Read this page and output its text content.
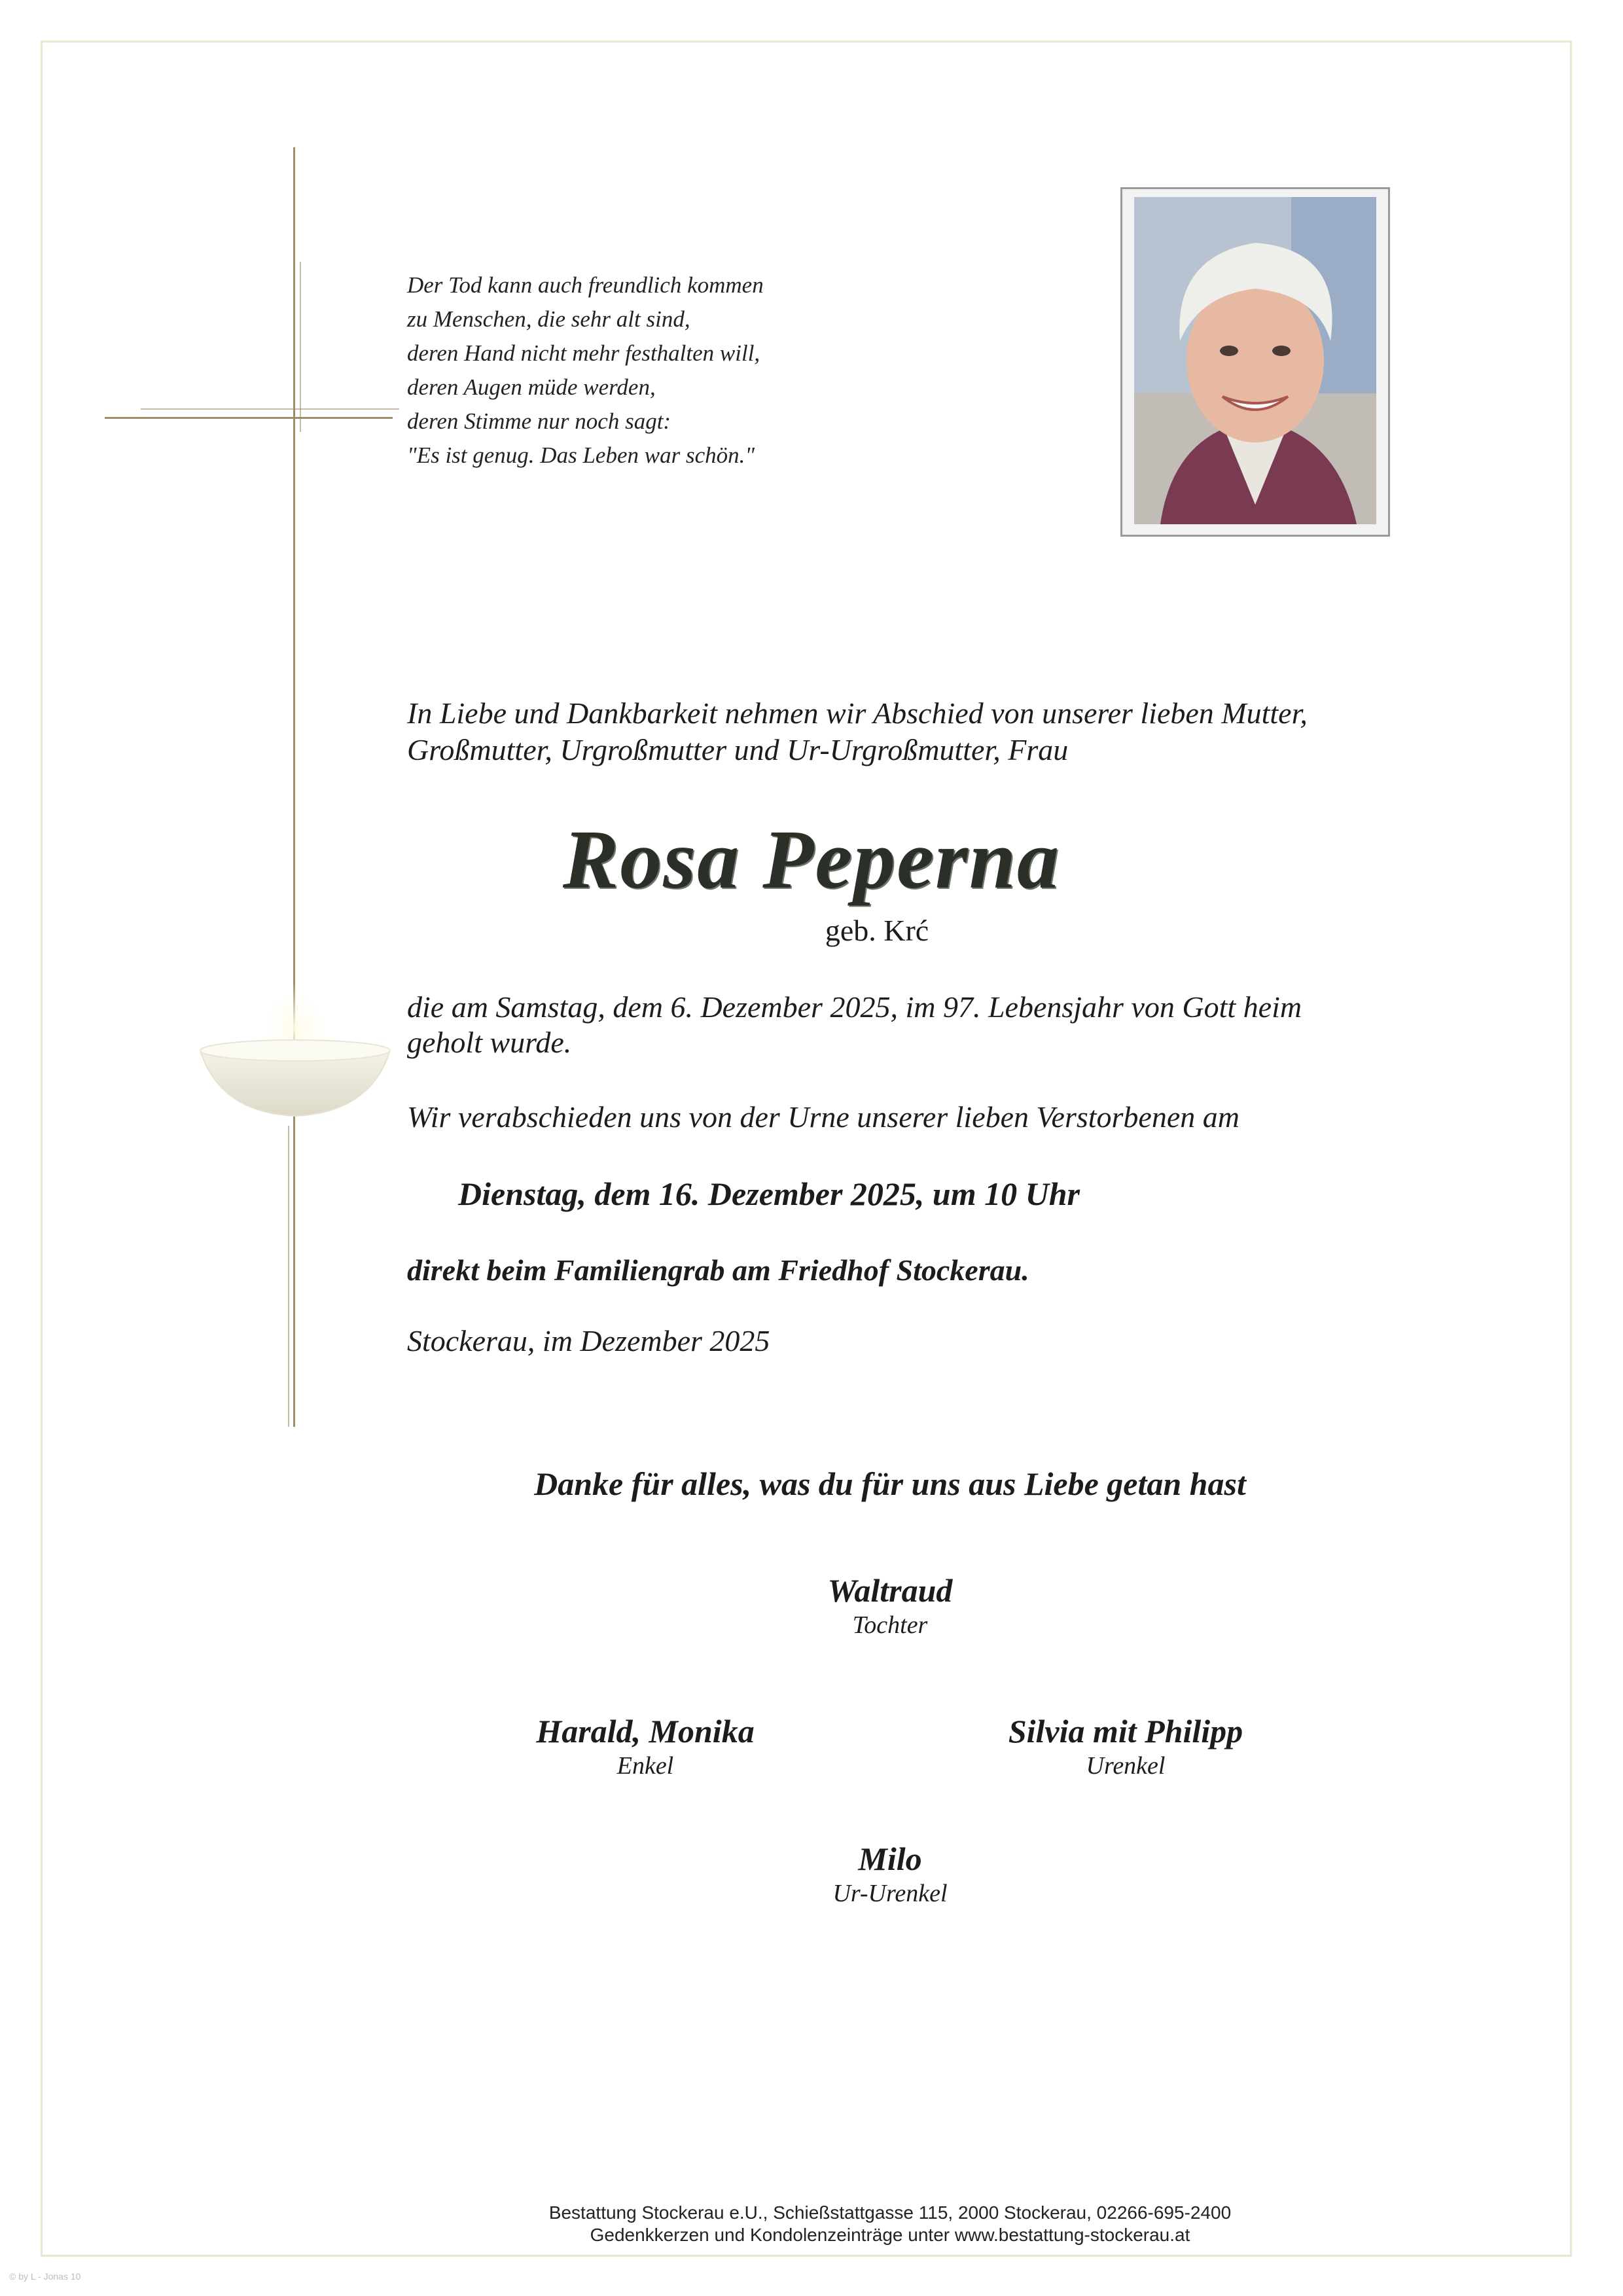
Der Tod kann auch freundlich kommen
zu Menschen, die sehr alt sind,
deren Hand nicht mehr festhalten will,
deren Augen müde werden,
deren Stimme nur noch sagt:
"Es ist genug. Das Leben war schön."
In Liebe und Dankbarkeit nehmen wir Abschied von unserer lieben Mutter,
Großmutter, Urgroßmutter und Ur-Urgroßmutter, Frau
Rosa Peperna
geb. Krć
die am Samstag, dem 6. Dezember 2025, im 97. Lebensjahr von Gott heim
geholt wurde.
Wir verabschieden uns von der Urne unserer lieben Verstorbenen am
Dienstag, dem 16. Dezember 2025, um 10 Uhr
direkt beim Familiengrab am Friedhof Stockerau.
Stockerau, im Dezember 2025
Danke für alles, was du für uns aus Liebe getan hast
Waltraud
Tochter
Harald, Monika
Enkel
Silvia mit Philipp
Urenkel
Milo
Ur-Urenkel
Bestattung Stockerau e.U., Schießstattgasse 115, 2000 Stockerau, 02266-695-2400
Gedenkkerzen und Kondolenzeinträge unter www.bestattung-stockerau.at
© by L - Jonas 10
